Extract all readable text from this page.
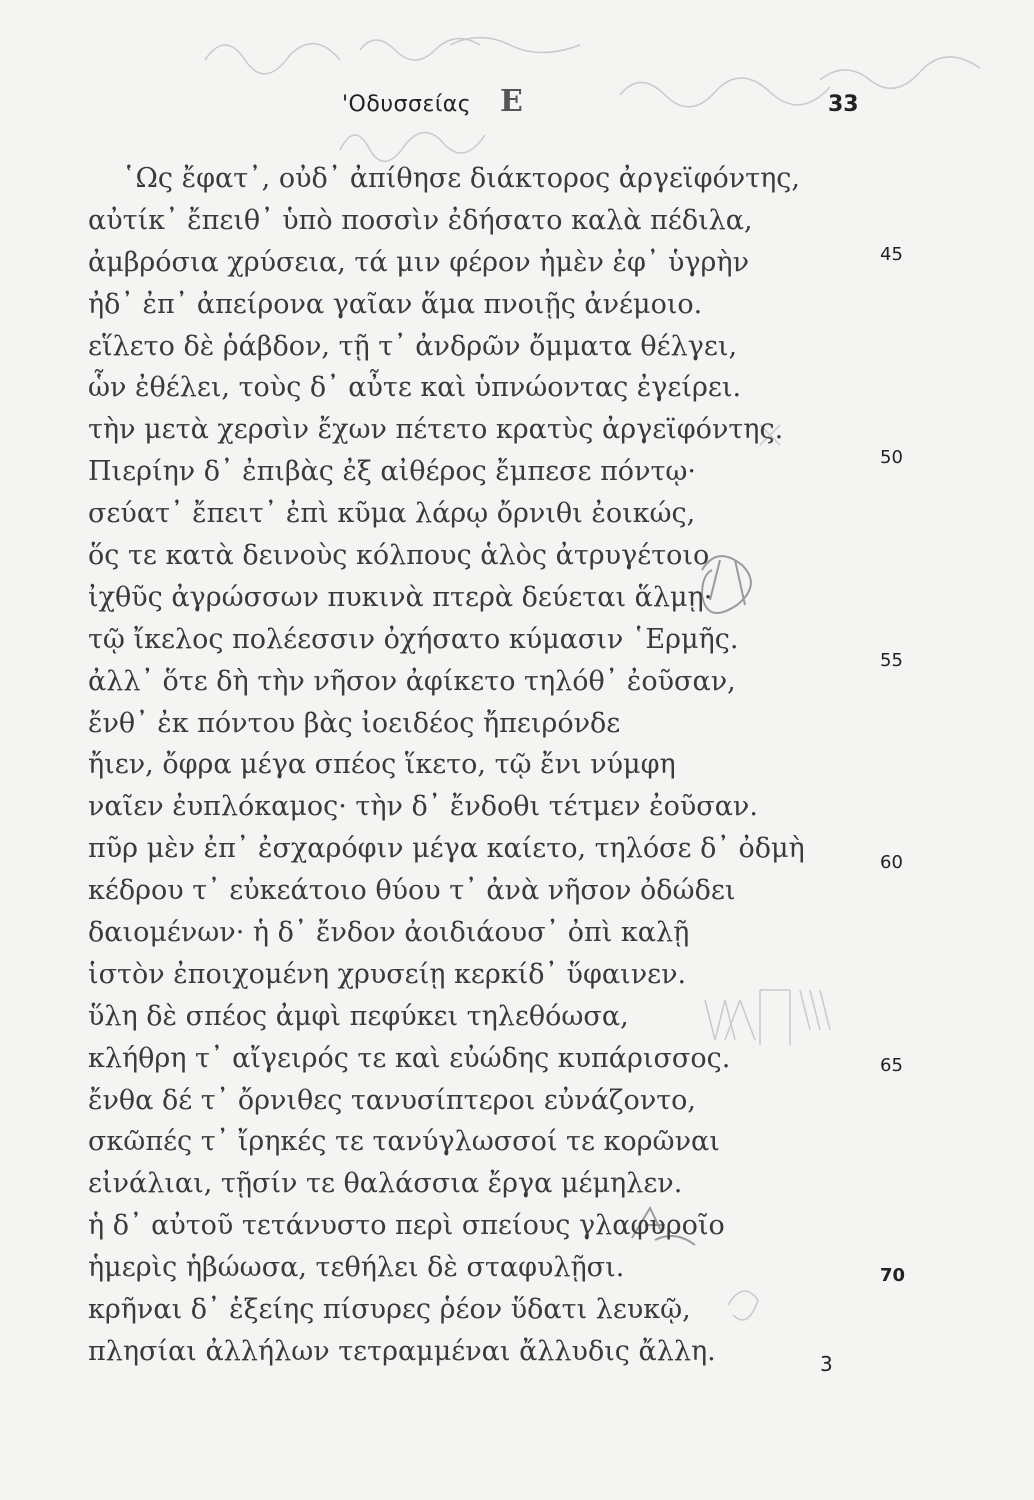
'Οδυσσείας E	33
῾Ως ἔφατ᾽, οὐδ᾽ ἀπίθησε διάκτορος ἀργεϊφόντης,
αὐτίκ᾽ ἔπειθ᾽ ὑπὸ ποσσὶν ἐδήσατο καλὰ πέδιλα,
ἀμβρόσια χρύσεια, τά μιν φέρον ἠμὲν ἐφ᾽ ὑγρὴν
ἠδ᾽ ἐπ᾽ ἀπείρονα γαῖαν ἅμα πνοιῇς ἀνέμοιο.
εἵλετο δὲ ῥάβδον, τῇ τ᾽ ἀνδρῶν ὄμματα θέλγει,
ὧν ἐθέλει, τοὺς δ᾽ αὖτε καὶ ὑπνώοντας ἐγείρει.
τὴν μετὰ χερσὶν ἔχων πέτετο κρατὺς ἀργεϊφόντης.
Πιερίην δ᾽ ἐπιβὰς ἐξ αἰθέρος ἔμπεσε πόντῳ·
σεύατ᾽ ἔπειτ᾽ ἐπὶ κῦμα λάρῳ ὄρνιθι ἐοικώς,
ὅς τε κατὰ δεινοὺς κόλπους ἁλὸς ἀτρυγέτοιο
ἰχθῦς ἀγρώσσων πυκινὰ πτερὰ δεύεται ἅλμῃ·
τῷ ἴκελος πολέεσσιν ὀχήσατο κύμασιν ῾Ερμῆς.
ἀλλ᾽ ὅτε δὴ τὴν νῆσον ἀφίκετο τηλόθ᾽ ἐοῦσαν,
ἔνθ᾽ ἐκ πόντου βὰς ἰοειδέος ἤπειρόνδε
ἤιεν, ὄφρα μέγα σπέος ἵκετο, τῷ ἔνι νύμφη
ναῖεν ἐυπλόκαμος· τὴν δ᾽ ἔνδοθι τέτμεν ἐοῦσαν.
πῦρ μὲν ἐπ᾽ ἐσχαρόφιν μέγα καίετο, τηλόσε δ᾽ ὀδμὴ
κέδρου τ᾽ εὐκεάτοιο θύου τ᾽ ἀνὰ νῆσον ὀδώδει
δαιομένων· ἡ δ᾽ ἔνδον ἀοιδιάουσ᾽ ὀπὶ καλῇ
ἱστὸν ἐποιχομένη χρυσείῃ κερκίδ᾽ ὕφαινεν.
ὕλη δὲ σπέος ἀμφὶ πεφύκει τηλεθόωσα,
κλήθρη τ᾽ αἴγειρός τε καὶ εὐώδης κυπάρισσος.
ἔνθα δέ τ᾽ ὄρνιθες τανυσίπτεροι εὐνάζοντο,
σκῶπές τ᾽ ἴρηκές τε τανύγλωσσοί τε κορῶναι
εἰνάλιαι, τῇσίν τε θαλάσσια ἔργα μέμηλεν.
ἡ δ᾽ αὐτοῦ τετάνυστο περὶ σπείους γλαφυροῖο
ἡμερὶς ἡβώωσα, τεθήλει δὲ σταφυλῇσι.
κρῆναι δ᾽ ἑξείης πίσυρες ῥέον ὕδατι λευκῷ,
πλησίαι ἀλλήλων τετραμμέναι ἄλλυδις ἄλλη.
45
50
55
60
65
70
3
